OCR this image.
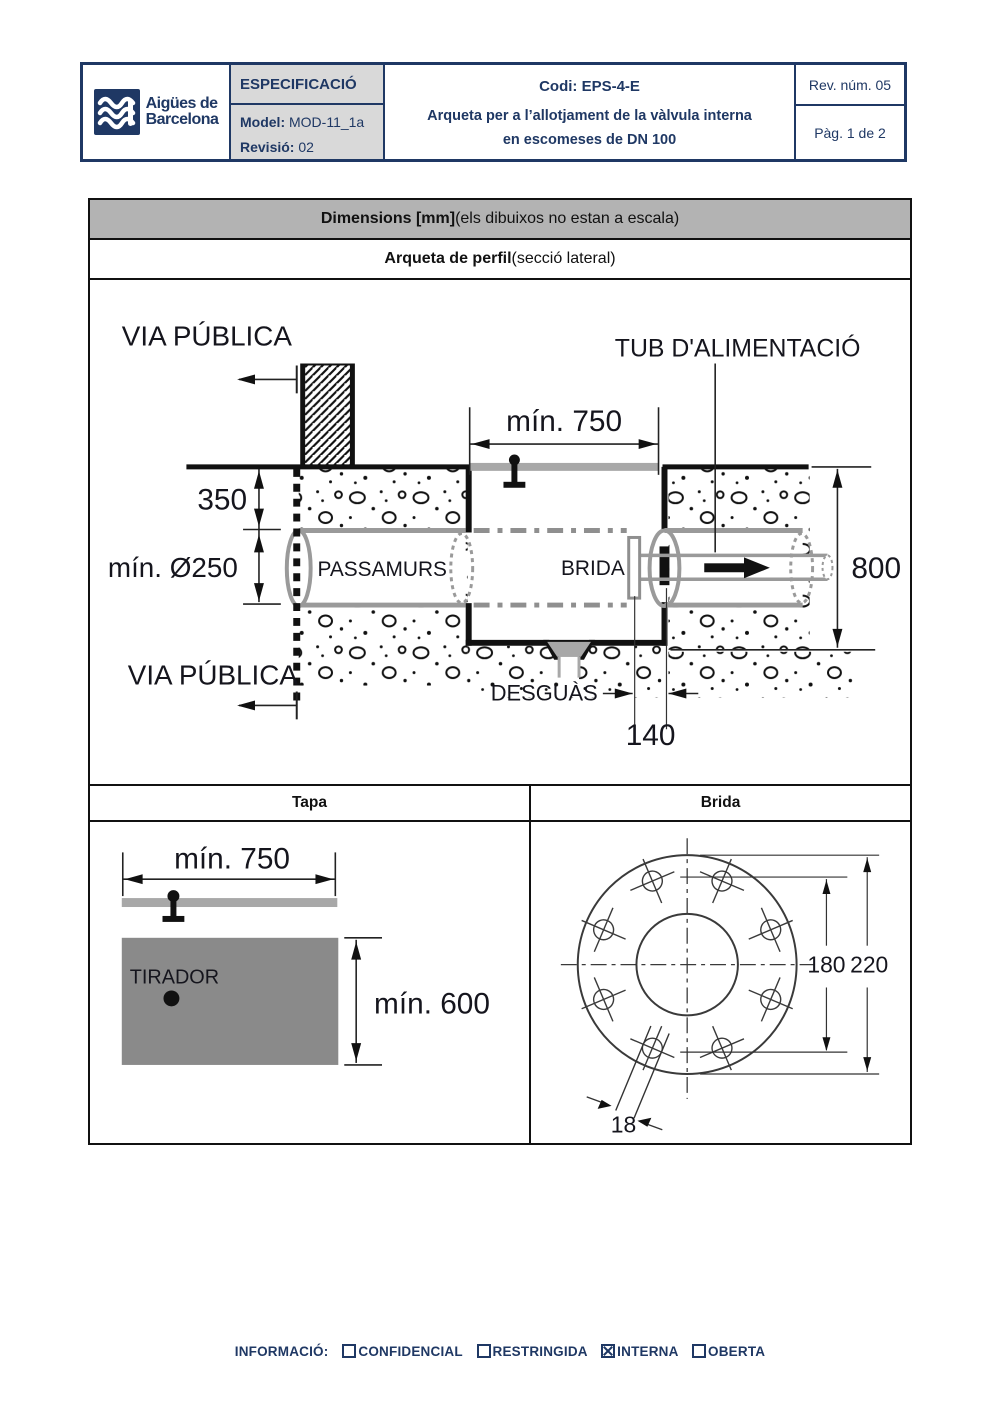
Aigües de
Barcelona
ESPECIFICACIÓ
Model: MOD-11_1a
Revisió: 02
Codi: EPS-4-E
Arqueta per a l’allotjament de la vàlvula interna
en escomeses de DN 100
Rev. núm. 05
Pàg. 1 de 2
Dimensions [mm] (els dibuixos no estan a escala)
Arqueta de perfil (secció lateral)
VIA PÚBLICA
mín. 750
TUB D'ALIMENTACIÓ
350
mín. Ø250	PASSAMURS	BRIDA	800
VIA PÚBLICA
DESGUÀS
140
Tapa	Brida
mín. 750
TIRADOR
mín. 600
180 220
18
INFORMACIÓ: CONFIDENCIAL RESTRINGIDA INTERNA OBERTA
